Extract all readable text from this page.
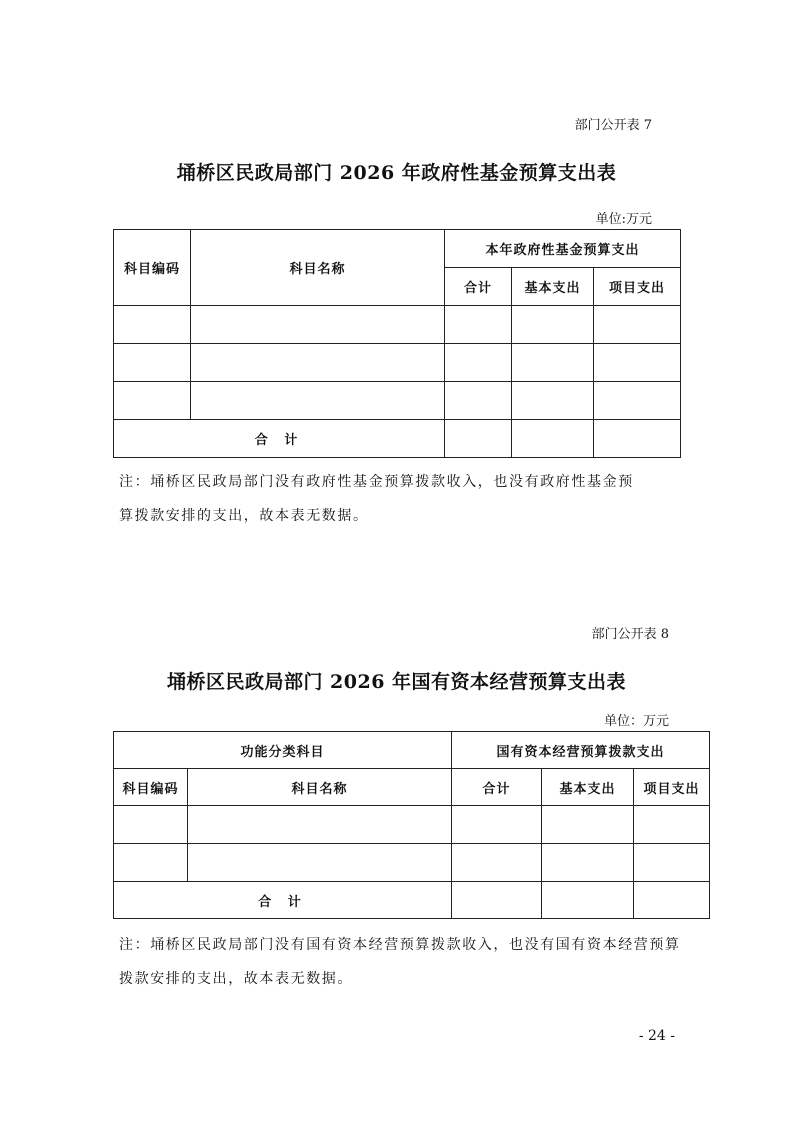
部门公开表 7
埇桥区民政局部门 2026 年政府性基金预算支出表
单位:万元
科目编码	科目名称	本年政府性基金预算支出		
		合计	基本支出	项目支出

合 计				
注：埇桥区民政局部门没有政府性基金预算拨款收入，也没有政府性基金预
算拨款安排的支出，故本表无数据。
部门公开表 8
埇桥区民政局部门 2026 年国有资本经营预算支出表
单位：万元
功能分类科目		国有资本经营预算拨款支出		
科目编码	科目名称	合计	基本支出	项目支出

合 计				
注：埇桥区民政局部门没有国有资本经营预算拨款收入，也没有国有资本经营预算
拨款安排的支出，故本表无数据。
- 24 -
